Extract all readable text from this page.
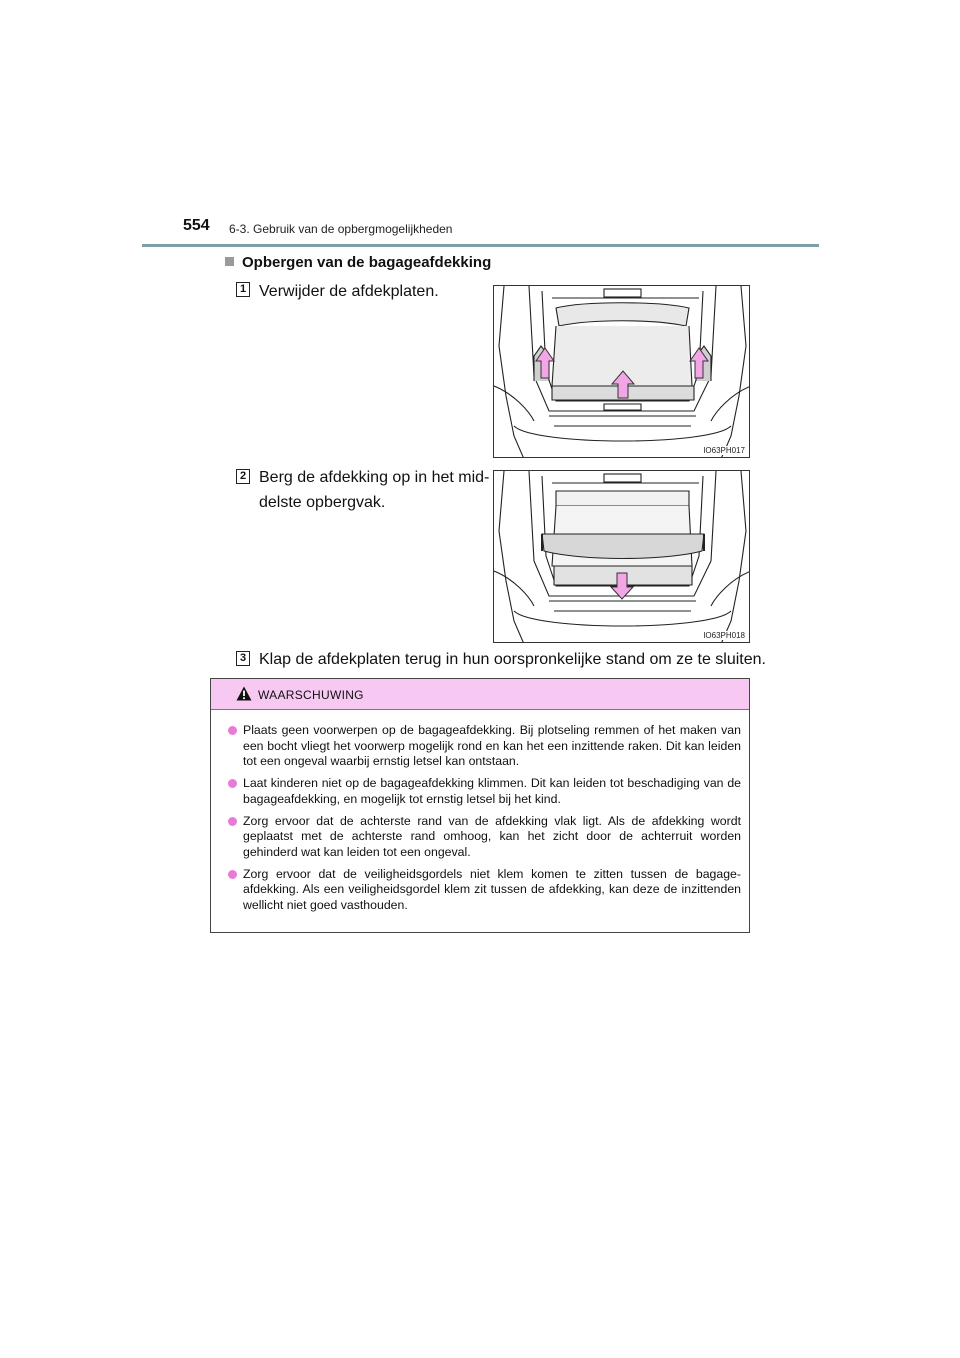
554 6-3. Gebruik van de opbergmogelijkheden
Opbergen van de bagageafdekking
1 Verwijder de afdekplaten.
IO63PH017
2 Berg de afdekking op in het mid-
delste opbergvak.
IO63PH018
3 Klap de afdekplaten terug in hun oorspronkelijke stand om ze te sluiten.
WAARSCHUWING
Plaats geen voorwerpen op de bagageafdekking. Bij plotseling remmen of het maken van een bocht vliegt het voorwerp mogelijk rond en kan het een inzittende raken. Dit kan leiden tot een ongeval waarbij ernstig letsel kan ontstaan.
Laat kinderen niet op de bagageafdekking klimmen. Dit kan leiden tot beschadiging van de bagageafdekking, en mogelijk tot ernstig letsel bij het kind.
Zorg ervoor dat de achterste rand van de afdekking vlak ligt. Als de afdekking wordt geplaatst met de achterste rand omhoog, kan het zicht door de achterruit worden gehinderd wat kan leiden tot een ongeval.
Zorg ervoor dat de veiligheidsgordels niet klem komen te zitten tussen de bagage-afdekking. Als een veiligheidsgordel klem zit tussen de afdekking, kan deze de inzittenden wellicht niet goed vasthouden.
